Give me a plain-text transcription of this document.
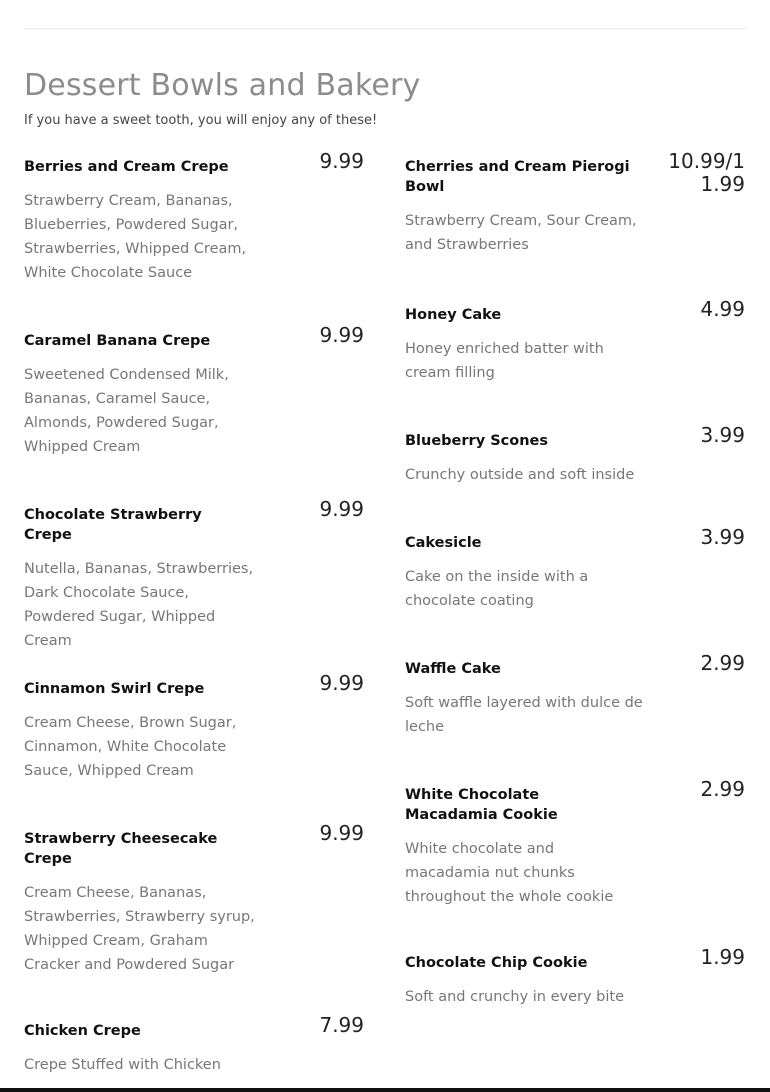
Dessert Bowls and Bakery

If you have a sweet tooth, you will enjoy any of these!

Berries and Cream Crepe	9.99
Strawberry Cream, Bananas, Blueberries, Powdered Sugar, Strawberries, Whipped Cream, White Chocolate Sauce

Caramel Banana Crepe	9.99
Sweetened Condensed Milk, Bananas, Caramel Sauce, Almonds, Powdered Sugar, Whipped Cream

Chocolate Strawberry Crepe

9.99
Nutella, Bananas, Strawberries, Dark Chocolate Sauce, Powdered Sugar, Whipped Cream

Cinnamon Swirl Crepe	9.99
Cream Cheese, Brown Sugar, Cinnamon, White Chocolate Sauce, Whipped Cream

Strawberry Cheesecake Crepe

9.99
Cream Cheese, Bananas, Strawberries, Strawberry syrup, Whipped Cream, Graham Cracker and Powdered Sugar

Chicken Crepe	7.99
Crepe Stuffed with Chicken

Cherries and Cream Pierogi Bowl

10.99/11.99
Strawberry Cream, Sour Cream, and Strawberries

Honey Cake	4.99
Honey enriched batter with cream filling

Blueberry Scones	3.99
Crunchy outside and soft inside

Cakesicle	3.99
Cake on the inside with a chocolate coating

Waffle Cake	2.99
Soft waffle layered with dulce de leche

White Chocolate Macadamia Cookie

2.99
White chocolate and macadamia nut chunks throughout the whole cookie

Chocolate Chip Cookie	1.99
Soft and crunchy in every bite
